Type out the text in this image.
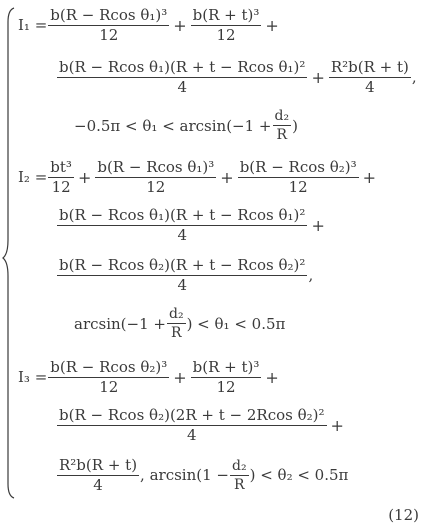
$I_1 = \frac{\text{b(R − Rcos θ₁)³}}{12} + \frac{\text{b(R + t)³}}{12}$ +
$\frac{\text{b(R − Rcos θ₁)(R + t − Rcos θ₁)²}}{4} + \frac{\text{R²b(R + t)}}{4}$ ,
$-0.5\pi < \theta_1 < \arcsin(-1 + \frac{\text{d₂}}{R}$ )
$I_2 = \frac{\text{bt³}}{12} + \frac{\text{b(R − Rcos θ₁)³}}{12} + \frac{\text{b(R − Rcos θ₂)³}}{12}$ +
$\frac{\text{b(R − Rcos θ₁)(R + t − Rcos θ₁)²}}{4}$ +
$\frac{\text{b(R − Rcos θ₂)(R + t − Rcos θ₂)²}}{4}$ ,
$\arcsin(-1 + \frac{\text{d₂}}{R}$ ) < θ₁ < 0.5π
$I_3 = \frac{\text{b(R − Rcos θ₂)³}}{12} + \frac{\text{b(R + t)³}}{12}$ +
$\frac{\text{b(R − Rcos θ₂)(2R + t − 2Rcos θ₂)²}}{4}$ +
$\frac{\text{R²b(R + t)}}{4}$ , $\arcsin(1 - \frac{\text{d₂}}{R}$ ) < θ₂ < 0.5π
(12)
